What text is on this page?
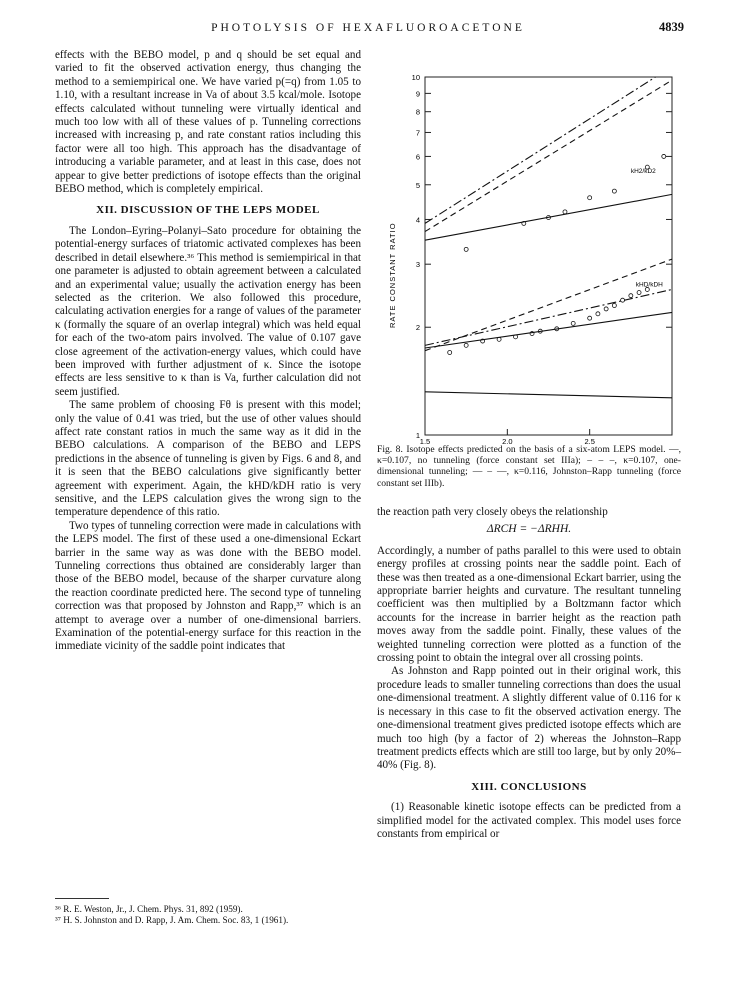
PHOTOLYSIS OF HEXAFLUOROACETONE	4839

effects with the BEBO model, p and q should be set equal and varied to fit the observed activation energy, thus changing the method to a semiempirical one. We have varied p(=q) from 1.05 to 1.10, with a resultant increase in Va of about 3.5 kcal/mole. Isotope effects calculated without tunneling were virtually identical and much too low with all of these values of p. Tunneling corrections increased with increasing p, and rate constant ratios including this factor were all too high. This approach has the disadvantage of introducing a variable parameter, and at least in this case, does not appear to give better predictions of isotope effects than the original BEBO method, which is completely empirical.

XII. DISCUSSION OF THE LEPS MODEL

The London–Eyring–Polanyi–Sato procedure for obtaining the potential-energy surfaces of triatomic activated complexes has been described in detail elsewhere.³⁶ This method is semiempirical in that one parameter is adjusted to obtain agreement between a calculated and an experimental value; usually the activation energy has been selected as the criterion. We also followed this procedure, calculating activation energies for a range of values of the parameter κ (formally the square of an overlap integral) which was held equal for each of the two-atom pairs involved. The value of 0.107 gave close agreement of the activation-energy values, which could have been improved with further adjustment of κ. Since the isotope effects are less sensitive to κ than is Va, further calculation did not seem justified.

The same problem of choosing Fθ is present with this model; only the value of 0.41 was tried, but the use of other values should affect rate constant ratios in much the same way as it did in the BEBO calculations. A comparison of the BEBO and LEPS predictions in the absence of tunneling is given by Figs. 6 and 8, and it is seen that the BEBO calculations give significantly better agreement with experiment. Again, the kHD/kDH ratio is very sensitive, and the LEPS calculation gives the wrong sign to the temperature dependence of this ratio.

Two types of tunneling correction were made in calculations with the LEPS model. The first of these used a one-dimensional Eckart barrier in the same way as was done with the BEBO model. Tunneling corrections thus obtained are considerably larger than those of the BEBO model, because of the sharper curvature along the reaction coordinate predicted here. The second type of tunneling correction was that proposed by Johnston and Rapp,³⁷ which is an attempt to average over a number of one-dimensional barriers. Examination of the potential-energy surface for this reaction in the immediate vicinity of the saddle point indicates that

³⁶ R. E. Weston, Jr., J. Chem. Phys. 31, 892 (1959).
³⁷ H. S. Johnston and D. Rapp, J. Am. Chem. Soc. 83, 1 (1961).
1
2
3
4
5
6
7
8
9
10
1.5	2.0	2.5
kH2/kD2
kHD/kDH
RATE CONSTANT RATIO
Fig. 8. Isotope effects predicted on the basis of a six-atom LEPS model. —, κ=0.107, no tunneling (force constant set IIIa); – – –, κ=0.107, one-dimensional tunneling; — – —, κ=0.116, Johnston–Rapp tunneling (force constant set IIIb).

the reaction path very closely obeys the relationship

ΔRCH = −ΔRHH.

Accordingly, a number of paths parallel to this were used to obtain energy profiles at crossing points near the saddle point. Each of these was then treated as a one-dimensional Eckart barrier, using the appropriate barrier heights and curvature. The resultant tunneling coefficient was then multiplied by a Boltzmann factor which accounts for the increase in barrier height as the reaction path moves away from the saddle point. Finally, these values of the weighted tunneling correction were plotted as a function of the crossing point to obtain the integral over all crossing points.

As Johnston and Rapp pointed out in their original work, this procedure leads to smaller tunneling corrections than does the usual one-dimensional treatment. A slightly different value of 0.116 for κ is necessary in this case to fit the observed activation energy. The one-dimensional treatment gives predicted isotope effects which are much too high (by a factor of 2) whereas the Johnston–Rapp treatment predicts effects which are still too large, but by only 20%–40% (Fig. 8).

XIII. CONCLUSIONS

(1) Reasonable kinetic isotope effects can be predicted from a simplified model for the activated complex. This model uses force constants from empirical or
